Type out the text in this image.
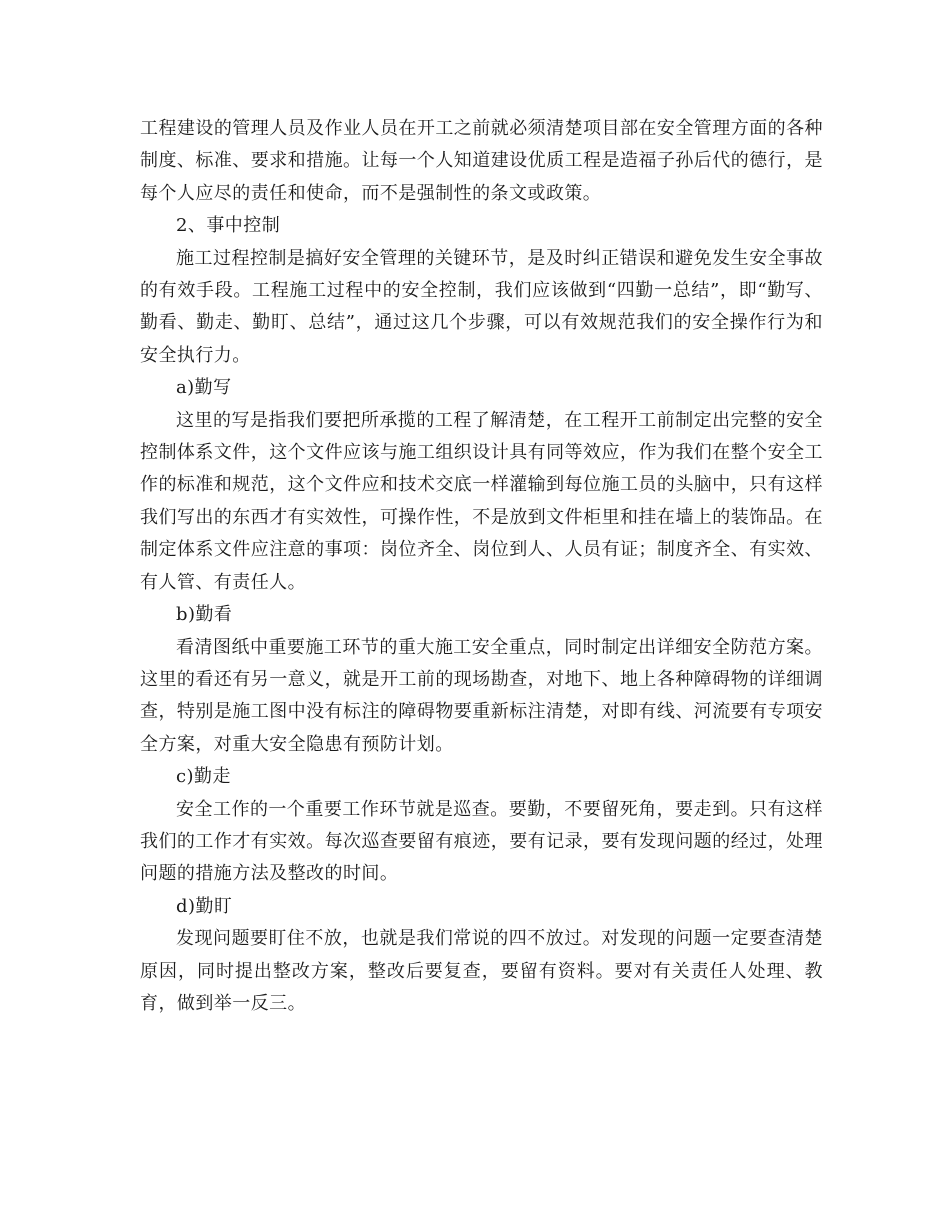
工程建设的管理人员及作业人员在开工之前就必须清楚项目部在安全管理方面的各种制度、标准、要求和措施。让每一个人知道建设优质工程是造福子孙后代的德行，是每个人应尽的责任和使命，而不是强制性的条文或政策。

2、事中控制

施工过程控制是搞好安全管理的关键环节，是及时纠正错误和避免发生安全事故的有效手段。工程施工过程中的安全控制，我们应该做到“四勤一总结”，即“勤写、勤看、勤走、勤盯、总结”，通过这几个步骤，可以有效规范我们的安全操作行为和安全执行力。

a)勤写

这里的写是指我们要把所承揽的工程了解清楚，在工程开工前制定出完整的安全控制体系文件，这个文件应该与施工组织设计具有同等效应，作为我们在整个安全工作的标准和规范，这个文件应和技术交底一样灌输到每位施工员的头脑中，只有这样我们写出的东西才有实效性，可操作性，不是放到文件柜里和挂在墙上的装饰品。在制定体系文件应注意的事项：岗位齐全、岗位到人、人员有证；制度齐全、有实效、有人管、有责任人。

b)勤看

看清图纸中重要施工环节的重大施工安全重点，同时制定出详细安全防范方案。这里的看还有另一意义，就是开工前的现场勘查，对地下、地上各种障碍物的详细调查，特别是施工图中没有标注的障碍物要重新标注清楚，对即有线、河流要有专项安全方案，对重大安全隐患有预防计划。

c)勤走

安全工作的一个重要工作环节就是巡查。要勤，不要留死角，要走到。只有这样我们的工作才有实效。每次巡查要留有痕迹，要有记录，要有发现问题的经过，处理问题的措施方法及整改的时间。

d)勤盯

发现问题要盯住不放，也就是我们常说的四不放过。对发现的问题一定要查清楚原因，同时提出整改方案，整改后要复查，要留有资料。要对有关责任人处理、教育，做到举一反三。
